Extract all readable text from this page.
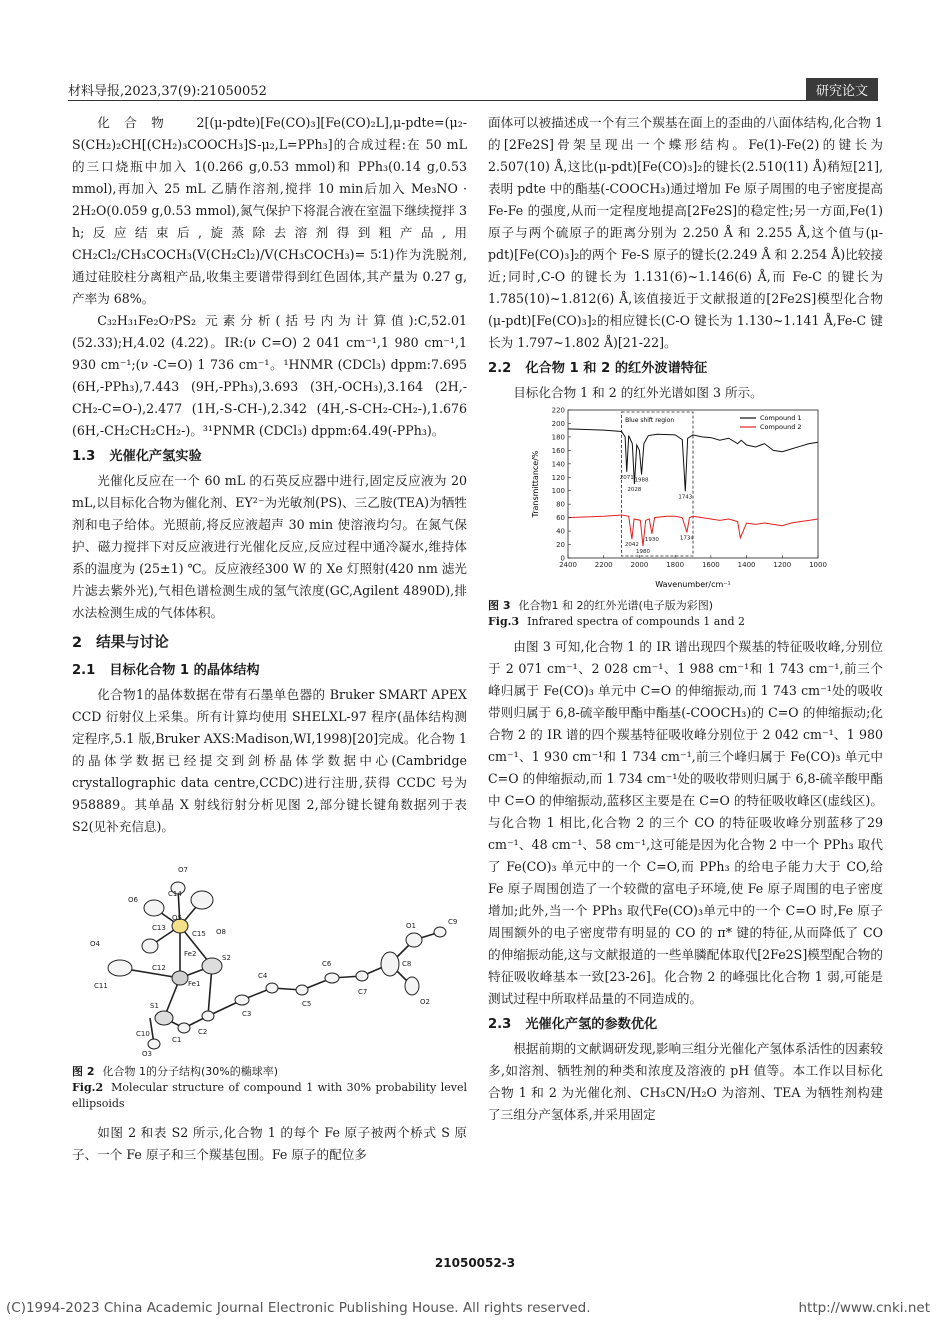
材料导报,2023,37(9):21050052	研究论文

化合物 2[(μ-pdte)[Fe(CO)₃][Fe(CO)₂L],μ-pdte=(μ₂-S(CH₂)₂CH[(CH₂)₃COOCH₃]S-μ₂,L=PPh₃]的合成过程:在 50 mL 的三口烧瓶中加入 1(0.266 g,0.53 mmol)和 PPh₃(0.14 g,0.53 mmol),再加入 25 mL 乙腈作溶剂,搅拌 10 min后加入 Me₃NO · 2H₂O(0.059 g,0.53 mmol),氮气保护下将混合液在室温下继续搅拌 3 h;反应结束后,旋蒸除去溶剂得到粗产品,用 CH₂Cl₂/CH₃COCH₃(V(CH₂Cl₂)/V(CH₃COCH₃)= 5∶1)作为洗脱剂,通过硅胶柱分离粗产品,收集主要谱带得到红色固体,其产量为 0.27 g,产率为 68%。

C₃₂H₃₁Fe₂O₇PS₂ 元素分析(括号内为计算值):C,52.01 (52.33);H,4.02 (4.22)。IR:(ν C=O) 2 041 cm⁻¹,1 980 cm⁻¹,1 930 cm⁻¹;(ν -C=O) 1 736 cm⁻¹。¹HNMR (CDCl₃) dppm:7.695 (6H,-PPh₃),7.443 (9H,-PPh₃),3.693 (3H,-OCH₃),3.164 (2H,-CH₂-C=O-),2.477 (1H,-S-CH-),2.342 (4H,-S-CH₂-CH₂-),1.676 (6H,-CH₂CH₂CH₂-)。³¹PNMR (CDCl₃) dppm:64.49(-PPh₃)。

1.3 光催化产氢实验

光催化反应在一个 60 mL 的石英反应器中进行,固定反应液为 20 mL,以目标化合物为催化剂、EY²⁻为光敏剂(PS)、三乙胺(TEA)为牺牲剂和电子给体。光照前,将反应液超声 30 min 使溶液均匀。在氮气保护、磁力搅拌下对反应液进行光催化反应,反应过程中通冷凝水,维持体系的温度为 (25±1) ℃。反应液经300 W 的 Xe 灯照射(420 nm 滤光片滤去紫外光),气相色谱检测生成的氢气浓度(GC,Agilent 4890D),排水法检测生成的气体体积。

2 结果与讨论
2.1 目标化合物 1 的晶体结构

化合物1的晶体数据在带有石墨单色器的 Bruker SMART APEX CCD 衍射仪上采集。所有计算均使用 SHELXL-97 程序(晶体结构测定程序,5.1 版,Bruker AXS:Madison,WI,1998)[20]完成。化合物 1 的晶体学数据已经提交到剑桥晶体学数据中心(Cambridge crystallographic data centre,CCDC)进行注册,获得 CCDC 号为 958889。其单晶 X 射线衍射分析见图 2,部分键长键角数据列于表 S2(见补充信息)。

O7
O6
C14
O5
C13
C15
O4
O8
S2
Fe2
C12
Fe1
C11
S1
C3
C4
C5
C6
C7
C8
O1
O2
C9
C10
C1
C2
O3
图 2 化合物 1的分子结构(30%的椭球率)
Fig.2 Molecular structure of compound 1 with 30% probability level ellipsoids

如图 2 和表 S2 所示,化合物 1 的每个 Fe 原子被两个桥式 S 原子、一个 Fe 原子和三个羰基包围。Fe 原子的配位多

面体可以被描述成一个有三个羰基在面上的歪曲的八面体结构,化合物 1 的[2Fe2S]骨架呈现出一个蝶形结构。Fe(1)-Fe(2)的键长为 2.507(10) Å,这比(μ-pdt)[Fe(CO)₃]₂的键长(2.510(11) Å)稍短[21],表明 pdte 中的酯基(-COOCH₃)通过增加 Fe 原子周围的电子密度提高 Fe-Fe 的强度,从而一定程度地提高[2Fe2S]的稳定性;另一方面,Fe(1)原子与两个硫原子的距离分别为 2.250 Å 和 2.255 Å,这个值与(μ-pdt)[Fe(CO)₃]₂的两个 Fe-S 原子的键长(2.249 Å 和 2.254 Å)比较接近;同时,C-O 的键长为 1.131(6)~1.146(6) Å,而 Fe-C 的键长为 1.785(10)~1.812(6) Å,该值接近于文献报道的[2Fe2S]模型化合物(μ-pdt)[Fe(CO)₃]₂的相应键长(C-O 键长为 1.130~1.141 Å,Fe-C 键长为 1.797~1.802 Å)[21-22]。

2.2 化合物 1 和 2 的红外波谱特征

目标化合物 1 和 2 的红外光谱如图 3 所示。

Blue shift region
2071
2028
1988
1743
2042
1980
1930	1734
2400	2200	2000	1800	1600	1400	1200	1000
0
20
40
60
80
100
120
140
160
180
200
220
Wavenumber/cm⁻¹
Transmittance/%
Compound 1
Compound 2
图 3 化合物1 和 2的红外光谱(电子版为彩图)
Fig.3 Infrared spectra of compounds 1 and 2

由图 3 可知,化合物 1 的 IR 谱出现四个羰基的特征吸收峰,分别位于 2 071 cm⁻¹、2 028 cm⁻¹、1 988 cm⁻¹和 1 743 cm⁻¹,前三个峰归属于 Fe(CO)₃ 单元中 C=O 的伸缩振动,而 1 743 cm⁻¹处的吸收带则归属于 6,8-硫辛酸甲酯中酯基(-COOCH₃)的 C=O 的伸缩振动;化合物 2 的 IR 谱的四个羰基特征吸收峰分别位于 2 042 cm⁻¹、1 980 cm⁻¹、1 930 cm⁻¹和 1 734 cm⁻¹,前三个峰归属于 Fe(CO)₃ 单元中 C=O 的伸缩振动,而 1 734 cm⁻¹处的吸收带则归属于 6,8-硫辛酸甲酯中 C=O 的伸缩振动,蓝移区主要是在 C=O 的特征吸收峰区(虚线区)。与化合物 1 相比,化合物 2 的三个 CO 的特征吸收峰分别蓝移了29 cm⁻¹、48 cm⁻¹、58 cm⁻¹,这可能是因为化合物 2 中一个 PPh₃ 取代了 Fe(CO)₃ 单元中的一个 C=O,而 PPh₃ 的给电子能力大于 CO,给 Fe 原子周围创造了一个较微的富电子环境,使 Fe 原子周围的电子密度增加;此外,当一个 PPh₃ 取代Fe(CO)₃单元中的一个 C=O 时,Fe 原子周围额外的电子密度带有明显的 CO 的 π* 键的特征,从而降低了 CO 的伸缩振动能,这与文献报道的一些单膦配体取代[2Fe2S]模型配合物的特征吸收峰基本一致[23-26]。化合物 2 的峰强比化合物 1 弱,可能是测试过程中所取样品量的不同造成的。

2.3 光催化产氢的参数优化

根据前期的文献调研发现,影响三组分光催化产氢体系活性的因素较多,如溶剂、牺牲剂的种类和浓度及溶液的 pH 值等。本工作以目标化合物 1 和 2 为光催化剂、CH₃CN/H₂O 为溶剂、TEA 为牺牲剂构建了三组分产氢体系,并采用固定

21050052-3
(C)1994-2023 China Academic Journal Electronic Publishing House. All rights reserved.	http://www.cnki.net
